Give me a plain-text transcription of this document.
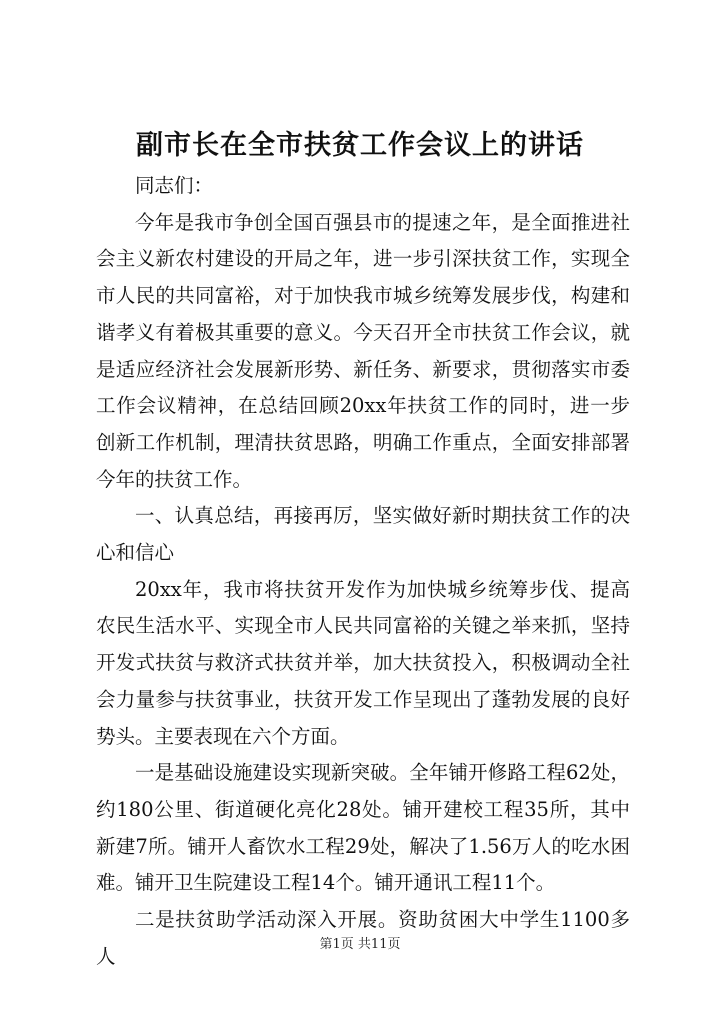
副市长在全市扶贫工作会议上的讲话

同志们：

今年是我市争创全国百强县市的提速之年，是全面推进社会主义新农村建设的开局之年，进一步引深扶贫工作，实现全市人民的共同富裕，对于加快我市城乡统筹发展步伐，构建和谐孝义有着极其重要的意义。今天召开全市扶贫工作会议，就是适应经济社会发展新形势、新任务、新要求，贯彻落实市委工作会议精神，在总结回顾20xx年扶贫工作的同时，进一步创新工作机制，理清扶贫思路，明确工作重点，全面安排部署今年的扶贫工作。

一、认真总结，再接再厉，坚实做好新时期扶贫工作的决心和信心

20xx年，我市将扶贫开发作为加快城乡统筹步伐、提高农民生活水平、实现全市人民共同富裕的关键之举来抓，坚持开发式扶贫与救济式扶贫并举，加大扶贫投入，积极调动全社会力量参与扶贫事业，扶贫开发工作呈现出了蓬勃发展的良好势头。主要表现在六个方面。

一是基础设施建设实现新突破。全年铺开修路工程62处，约180公里、街道硬化亮化28处。铺开建校工程35所，其中新建7所。铺开人畜饮水工程29处，解决了1.56万人的吃水困难。铺开卫生院建设工程14个。铺开通讯工程11个。

二是扶贫助学活动深入开展。资助贫困大中学生1100多人

第1页 共11页
